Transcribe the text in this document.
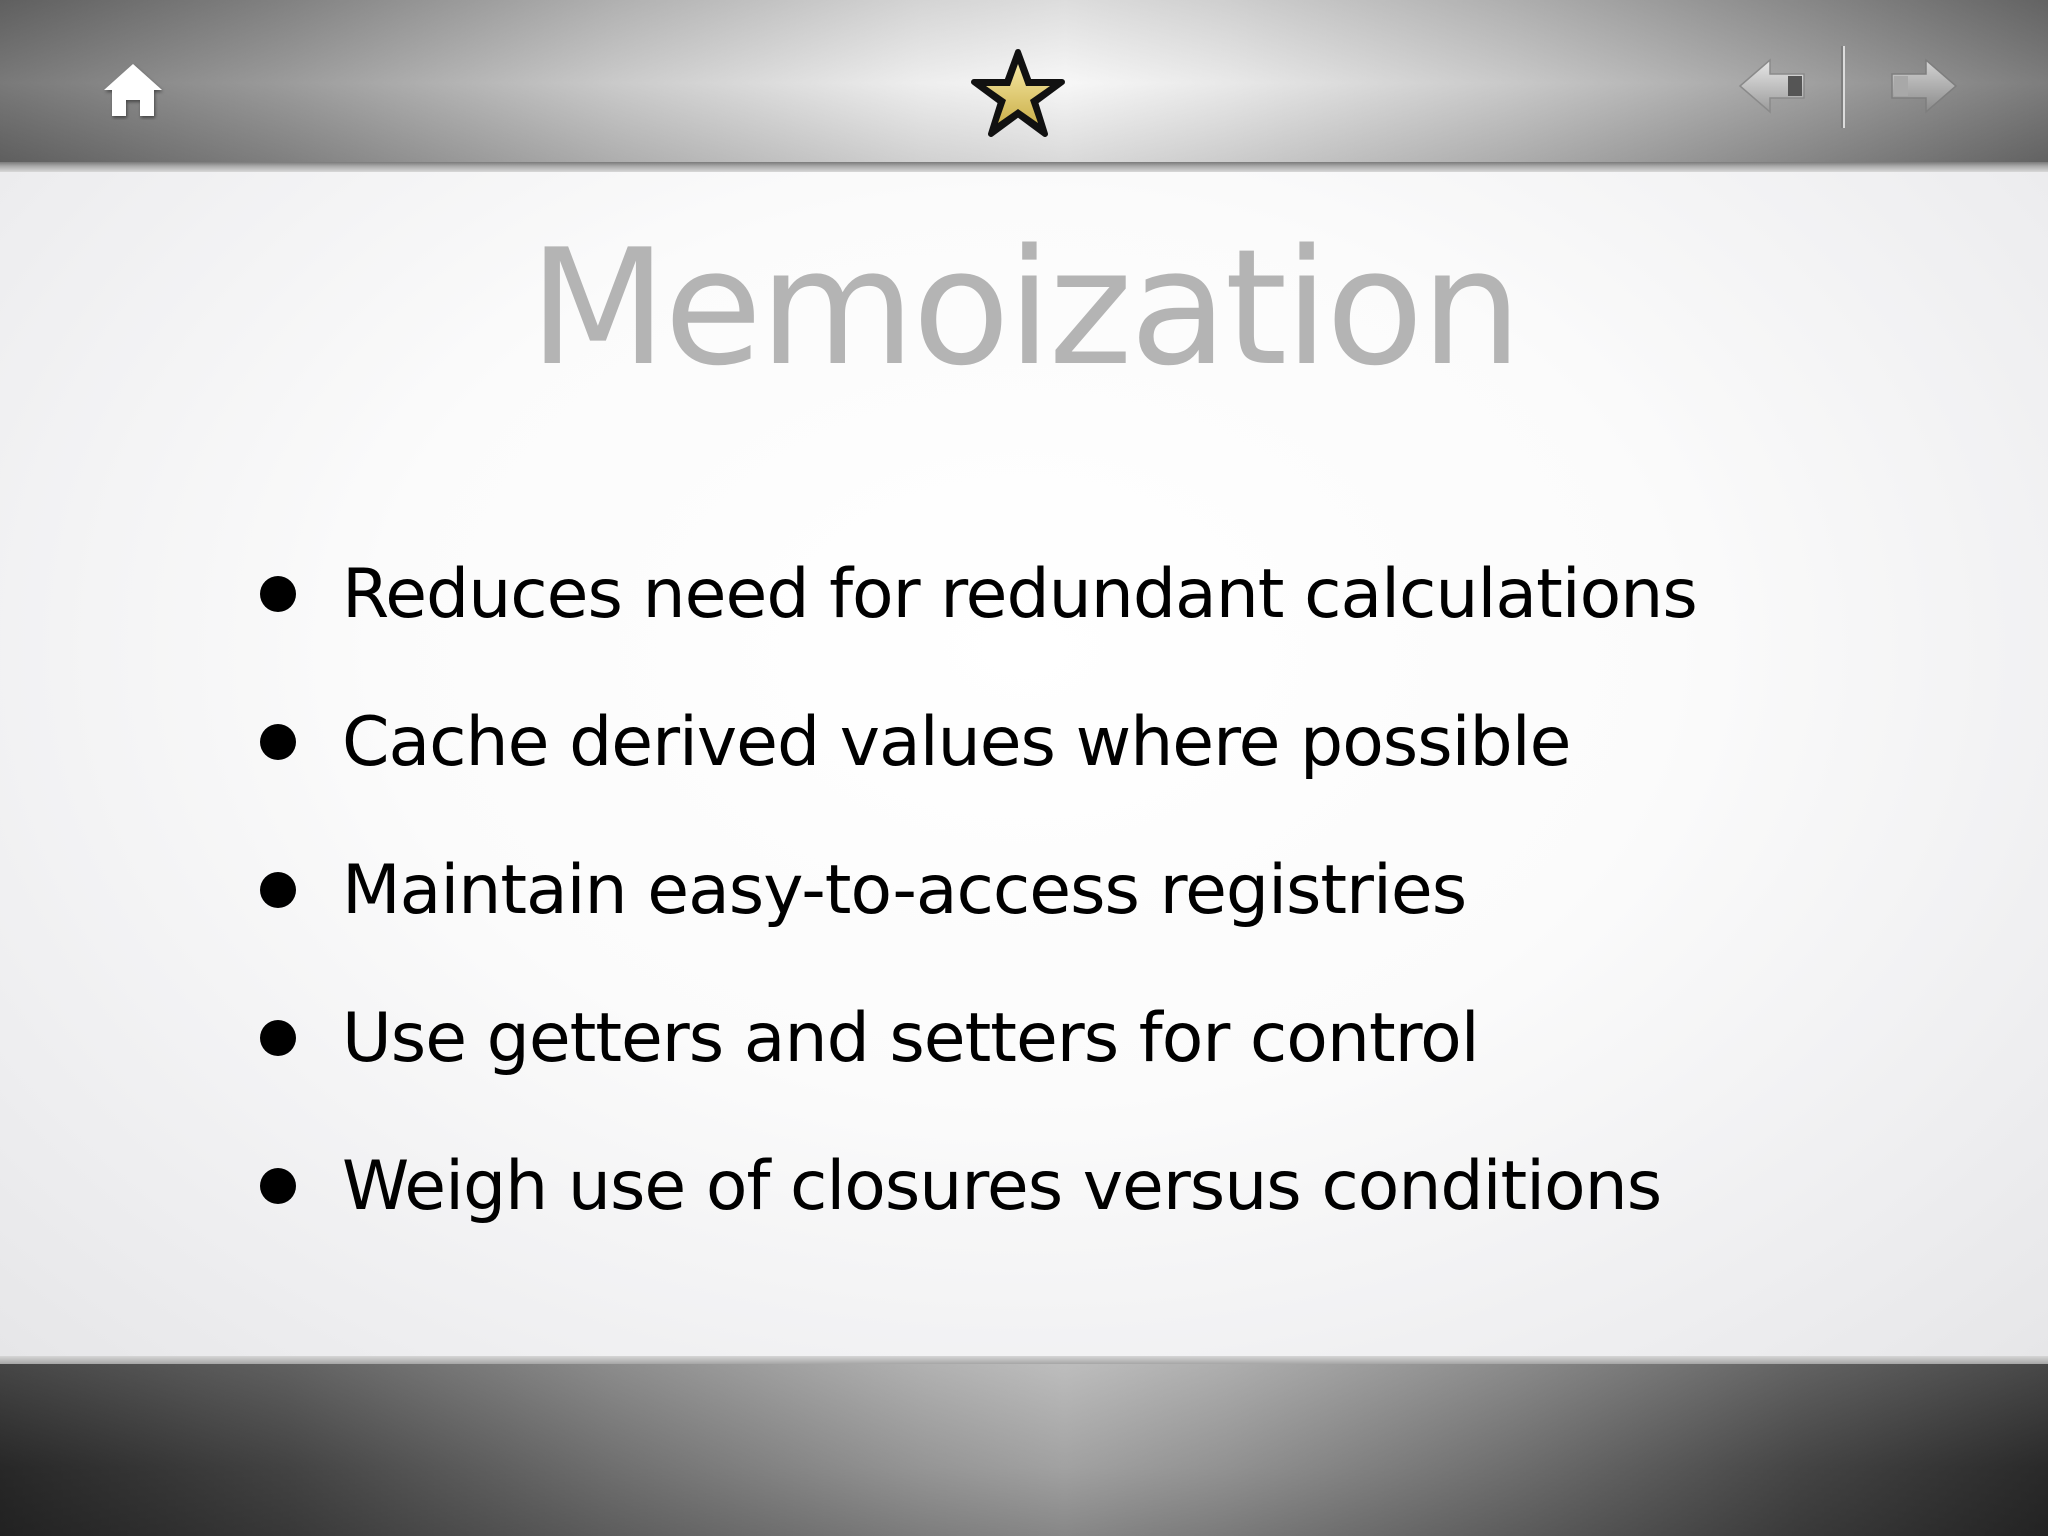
Memoization
Reduces need for redundant calculations
Cache derived values where possible
Maintain easy-to-access registries
Use getters and setters for control
Weigh use of closures versus conditions
